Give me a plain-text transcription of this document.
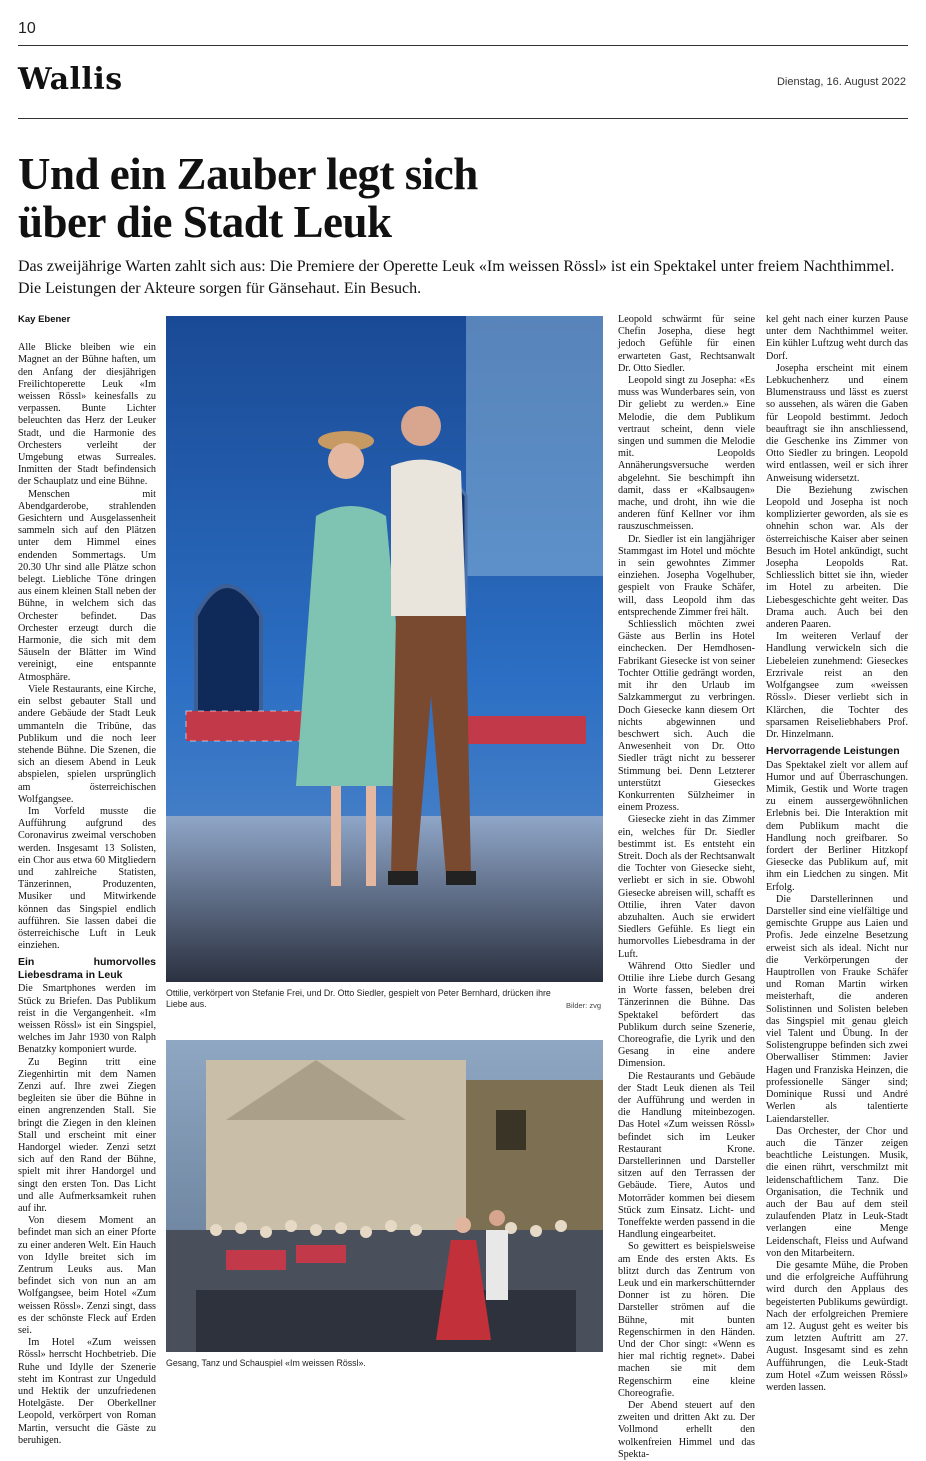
10
Wallis	Dienstag, 16. August 2022
Und ein Zauber legt sich
über die Stadt Leuk

Das zweijährige Warten zahlt sich aus: Die Premiere der Operette Leuk «Im weissen Rössl» ist ein Spektakel unter freiem Nachthimmel. Die Leistungen der Akteure sorgen für Gänsehaut. Ein Besuch.

Kay Ebener

Alle Blicke bleiben wie ein Magnet an der Bühne haften, um den Anfang der diesjährigen Freilichtoperette Leuk «Im weissen Rössl» keinesfalls zu verpassen. Bunte Lichter beleuchten das Herz der Leuker Stadt, und die Harmonie des Orchesters verleiht der Umgebung etwas Surreales. Inmitten der Stadt befindensich der Schauplatz und eine Bühne.

Menschen mit Abendgarderobe, strahlenden Gesichtern und Ausgelassenheit sammeln sich auf den Plätzen unter dem Himmel eines endenden Sommertags. Um 20.30 Uhr sind alle Plätze schon belegt. Liebliche Töne dringen aus einem kleinen Stall neben der Bühne, in welchem sich das Orchester befindet. Das Orchester erzeugt durch die Harmonie, die sich mit dem Säuseln der Blätter im Wind vereinigt, eine entspannte Atmosphäre.

Viele Restaurants, eine Kirche, ein selbst gebauter Stall und andere Gebäude der Stadt Leuk ummanteln die Tribüne, das Publikum und die noch leer stehende Bühne. Die Szenen, die sich an diesem Abend in Leuk abspielen, spielen ursprünglich am österreichischen Wolfgangsee.

Im Vorfeld musste die Aufführung aufgrund des Coronavirus zweimal verschoben werden. Insgesamt 13 Solisten, ein Chor aus etwa 60 Mitgliedern und zahlreiche Statisten, Tänzerinnen, Produzenten, Musiker und Mitwirkende können das Singspiel endlich aufführen. Sie lassen dabei die österreichische Luft in Leuk einziehen.

Ein humorvolles Liebesdrama in Leuk

Die Smartphones werden im Stück zu Briefen. Das Publikum reist in die Vergangenheit. «Im weissen Rössl» ist ein Singspiel, welches im Jahr 1930 von Ralph Benatzky komponiert wurde.

Zu Beginn tritt eine Ziegenhirtin mit dem Namen Zenzi auf. Ihre zwei Ziegen begleiten sie über die Bühne in einen angrenzenden Stall. Sie bringt die Ziegen in den kleinen Stall und erscheint mit einer Handorgel wieder. Zenzi setzt sich auf den Rand der Bühne, spielt mit ihrer Handorgel und singt den ersten Ton. Das Licht und alle Aufmerksamkeit ruhen auf ihr.

Von diesem Moment an befindet man sich an einer Pforte zu einer anderen Welt. Ein Hauch von Idylle breitet sich im Zentrum Leuks aus. Man befindet sich von nun an am Wolfgangsee, beim Hotel «Zum weissen Rössl». Zenzi singt, dass es der schönste Fleck auf Erden sei.

Im Hotel «Zum weissen Rössl» herrscht Hochbetrieb. Die Ruhe und Idylle der Szenerie steht im Kontrast zur Ungeduld und Hektik der unzufriedenen Hotelgäste. Der Oberkellner Leopold, verkörpert von Roman Martin, versucht die Gäste zu beruhigen.

Ottilie, verkörpert von Stefanie Frei, und Dr. Otto Siedler, gespielt von Peter Bernhard, drücken ihre Liebe aus.	Bilder: zvg
Gesang, Tanz und Schauspiel «Im weissen Rössl».

Leopold schwärmt für seine Chefin Josepha, diese hegt jedoch Gefühle für einen erwarteten Gast, Rechtsanwalt Dr. Otto Siedler.

Leopold singt zu Josepha: «Es muss was Wunderbares sein, von Dir geliebt zu werden.» Eine Melodie, die dem Publikum vertraut scheint, denn viele singen und summen die Melodie mit. Leopolds Annäherungsversuche werden abgelehnt. Sie beschimpft ihn damit, dass er «Kalbsaugen» mache, und droht, ihn wie die anderen fünf Kellner vor ihm rauszuschmeissen.

Dr. Siedler ist ein langjähriger Stammgast im Hotel und möchte in sein gewohntes Zimmer einziehen. Josepha Vogelhuber, gespielt von Frauke Schäfer, will, dass Leopold ihm das entsprechende Zimmer frei hält.

Schliesslich möchten zwei Gäste aus Berlin ins Hotel einchecken. Der Hemdhosen-Fabrikant Giesecke ist von seiner Tochter Ottilie gedrängt worden, mit ihr den Urlaub im Salzkammergut zu verbringen. Doch Giesecke kann diesem Ort nichts abgewinnen und beschwert sich. Auch die Anwesenheit von Dr. Otto Siedler trägt nicht zu besserer Stimmung bei. Denn Letzterer unterstützt Gieseckes Konkurrenten Sülzheimer in einem Prozess.

Giesecke zieht in das Zimmer ein, welches für Dr. Siedler bestimmt ist. Es entsteht ein Streit. Doch als der Rechtsanwalt die Tochter von Giesecke sieht, verliebt er sich in sie. Obwohl Giesecke abreisen will, schafft es Ottilie, ihren Vater davon abzuhalten. Auch sie erwidert Siedlers Gefühle. Es liegt ein humorvolles Liebesdrama in der Luft.

Während Otto Siedler und Ottilie ihre Liebe durch Gesang in Worte fassen, beleben drei Tänzerinnen die Bühne. Das Spektakel befördert das Publikum durch seine Szenerie, Choreografie, die Lyrik und den Gesang in eine andere Dimension.

Die Restaurants und Gebäude der Stadt Leuk dienen als Teil der Aufführung und werden in die Handlung miteinbezogen. Das Hotel «Zum weissen Rössl» befindet sich im Leuker Restaurant Krone. Darstellerinnen und Darsteller sitzen auf den Terrassen der Gebäude. Tiere, Autos und Motorräder kommen bei diesem Stück zum Einsatz. Licht- und Toneffekte werden passend in die Handlung eingearbeitet.

So gewittert es beispielsweise am Ende des ersten Akts. Es blitzt durch das Zentrum von Leuk und ein markerschütternder Donner ist zu hören. Die Darsteller strömen auf die Bühne, mit bunten Regenschirmen in den Händen. Und der Chor singt: «Wenn es hier mal richtig regnet». Dabei machen sie mit dem Regenschirm eine kleine Choreografie.

Der Abend steuert auf den zweiten und dritten Akt zu. Der Vollmond erhellt den wolkenfreien Himmel und das Spekta-

kel geht nach einer kurzen Pause unter dem Nachthimmel weiter. Ein kühler Luftzug weht durch das Dorf.

Josepha erscheint mit einem Lebkuchenherz und einem Blumenstrauss und lässt es zuerst so aussehen, als wären die Gaben für Leopold bestimmt. Jedoch beauftragt sie ihn anschliessend, die Geschenke ins Zimmer von Otto Siedler zu bringen. Leopold wird entlassen, weil er sich ihrer Anweisung widersetzt.

Die Beziehung zwischen Leopold und Josepha ist noch komplizierter geworden, als sie es ohnehin schon war. Als der österreichische Kaiser aber seinen Besuch im Hotel ankündigt, sucht Josepha Leopolds Rat. Schliesslich bittet sie ihn, wieder im Hotel zu arbeiten. Die Liebesgeschichte geht weiter. Das Drama auch. Auch bei den anderen Paaren.

Im weiteren Verlauf der Handlung verwickeln sich die Liebeleien zunehmend: Gieseckes Erzrivale reist an den Wolfgangsee zum «weissen Rössl». Dieser verliebt sich in Klärchen, die Tochter des sparsamen Reiseliebhabers Prof. Dr. Hinzelmann.

Hervorragende Leistungen

Das Spektakel zielt vor allem auf Humor und auf Überraschungen. Mimik, Gestik und Worte tragen zu einem aussergewöhnlichen Erlebnis bei. Die Interaktion mit dem Publikum macht die Handlung noch greifbarer. So fordert der Berliner Hitzkopf Giesecke das Publikum auf, mit ihm ein Liedchen zu singen. Mit Erfolg.

Die Darstellerinnen und Darsteller sind eine vielfältige und gemischte Gruppe aus Laien und Profis. Jede einzelne Besetzung erweist sich als ideal. Nicht nur die Verkörperungen der Hauptrollen von Frauke Schäfer und Roman Martin wirken meisterhaft, die anderen Solistinnen und Solisten beleben das Singspiel mit genau gleich viel Talent und Übung. In der Solistengruppe befinden sich zwei Oberwalliser Stimmen: Javier Hagen und Franziska Heinzen, die professionelle Sänger sind; Dominique Russi und André Werlen als talentierte Laiendarsteller.

Das Orchester, der Chor und auch die Tänzer zeigen beachtliche Leistungen. Musik, die einen rührt, verschmilzt mit leidenschaftlichem Tanz. Die Organisation, die Technik und auch der Bau auf dem steil zulaufenden Platz in Leuk-Stadt verlangen eine Menge Leidenschaft, Fleiss und Aufwand von den Mitarbeitern.

Die gesamte Mühe, die Proben und die erfolgreiche Aufführung wird durch den Applaus des begeisterten Publikums gewürdigt. Nach der erfolgreichen Premiere am 12. August geht es weiter bis zum letzten Auftritt am 27. August. Insgesamt sind es zehn Aufführungen, die Leuk-Stadt zum Hotel «Zum weissen Rössl» werden lassen.
